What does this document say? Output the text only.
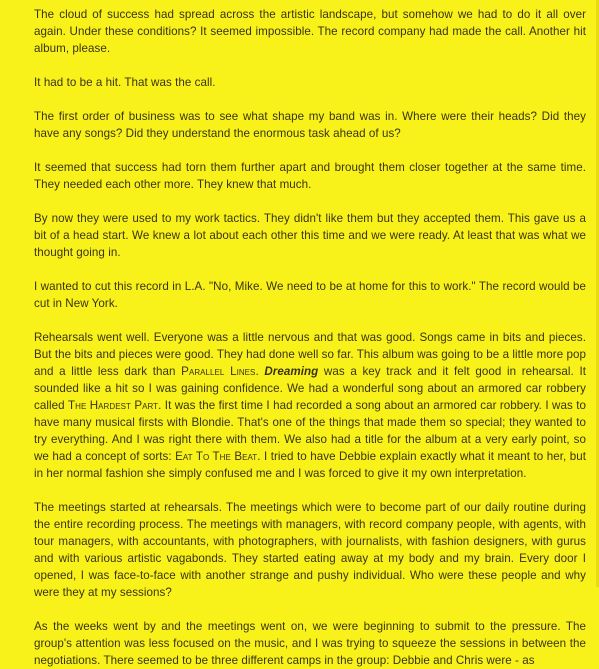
The cloud of success had spread across the artistic landscape, but somehow we had to do it all over again. Under these conditions? It seemed impossible. The record company had made the call. Another hit album, please.

It had to be a hit. That was the call.

The first order of business was to see what shape my band was in. Where were their heads? Did they have any songs? Did they understand the enormous task ahead of us?

It seemed that success had torn them further apart and brought them closer together at the same time. They needed each other more. They knew that much.

By now they were used to my work tactics. They didn't like them but they accepted them. This gave us a bit of a head start. We knew a lot about each other this time and we were ready. At least that was what we thought going in.

I wanted to cut this record in L.A. "No, Mike. We need to be at home for this to work." The record would be cut in New York.

Rehearsals went well. Everyone was a little nervous and that was good. Songs came in bits and pieces. But the bits and pieces were good. They had done well so far. This album was going to be a little more pop and a little less dark than Parallel Lines. Dreaming was a key track and it felt good in rehearsal. It sounded like a hit so I was gaining confidence. We had a wonderful song about an armored car robbery called The Hardest Part. It was the first time I had recorded a song about an armored car robbery. I was to have many musical firsts with Blondie. That's one of the things that made them so special; they wanted to try everything. And I was right there with them. We also had a title for the album at a very early point, so we had a concept of sorts: Eat To The Beat. I tried to have Debbie explain exactly what it meant to her, but in her normal fashion she simply confused me and I was forced to give it my own interpretation.

The meetings started at rehearsals. The meetings which were to become part of our daily routine during the entire recording process. The meetings with managers, with record company people, with agents, with tour managers, with accountants, with photographers, with journalists, with fashion designers, with gurus and with various artistic vagabonds. They started eating away at my body and my brain. Every door I opened, I was face-to-face with another strange and pushy individual. Who were these people and why were they at my sessions?

As the weeks went by and the meetings went on, we were beginning to submit to the pressure. The group's attention was less focused on the music, and I was trying to squeeze the sessions in between the negotiations. There seemed to be three different camps in the group: Debbie and Chris were - as
